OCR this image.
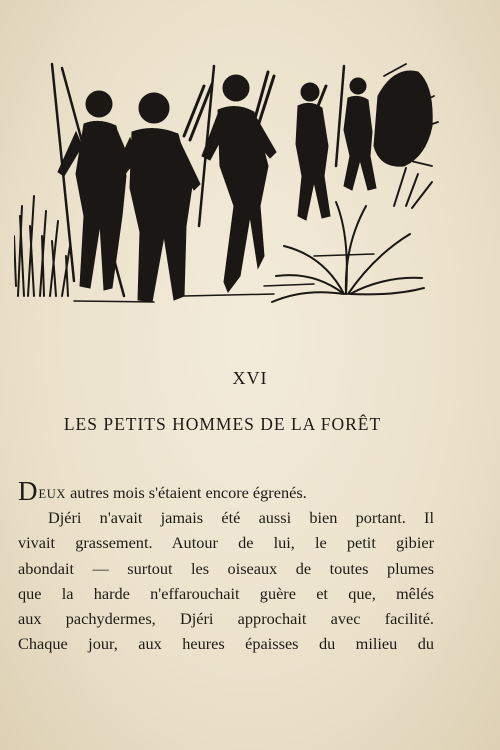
XVI
LES PETITS HOMMES DE LA FORÊT
DEUX autres mois s'étaient encore égrenés.
Djéri n'avait jamais été aussi bien portant. Il
vivait grassement. Autour de lui, le petit gibier
abondait — surtout les oiseaux de toutes plumes
que la harde n'effarouchait guère et que, mêlés
aux pachydermes, Djéri approchait avec facilité.
Chaque jour, aux heures épaisses du milieu du
